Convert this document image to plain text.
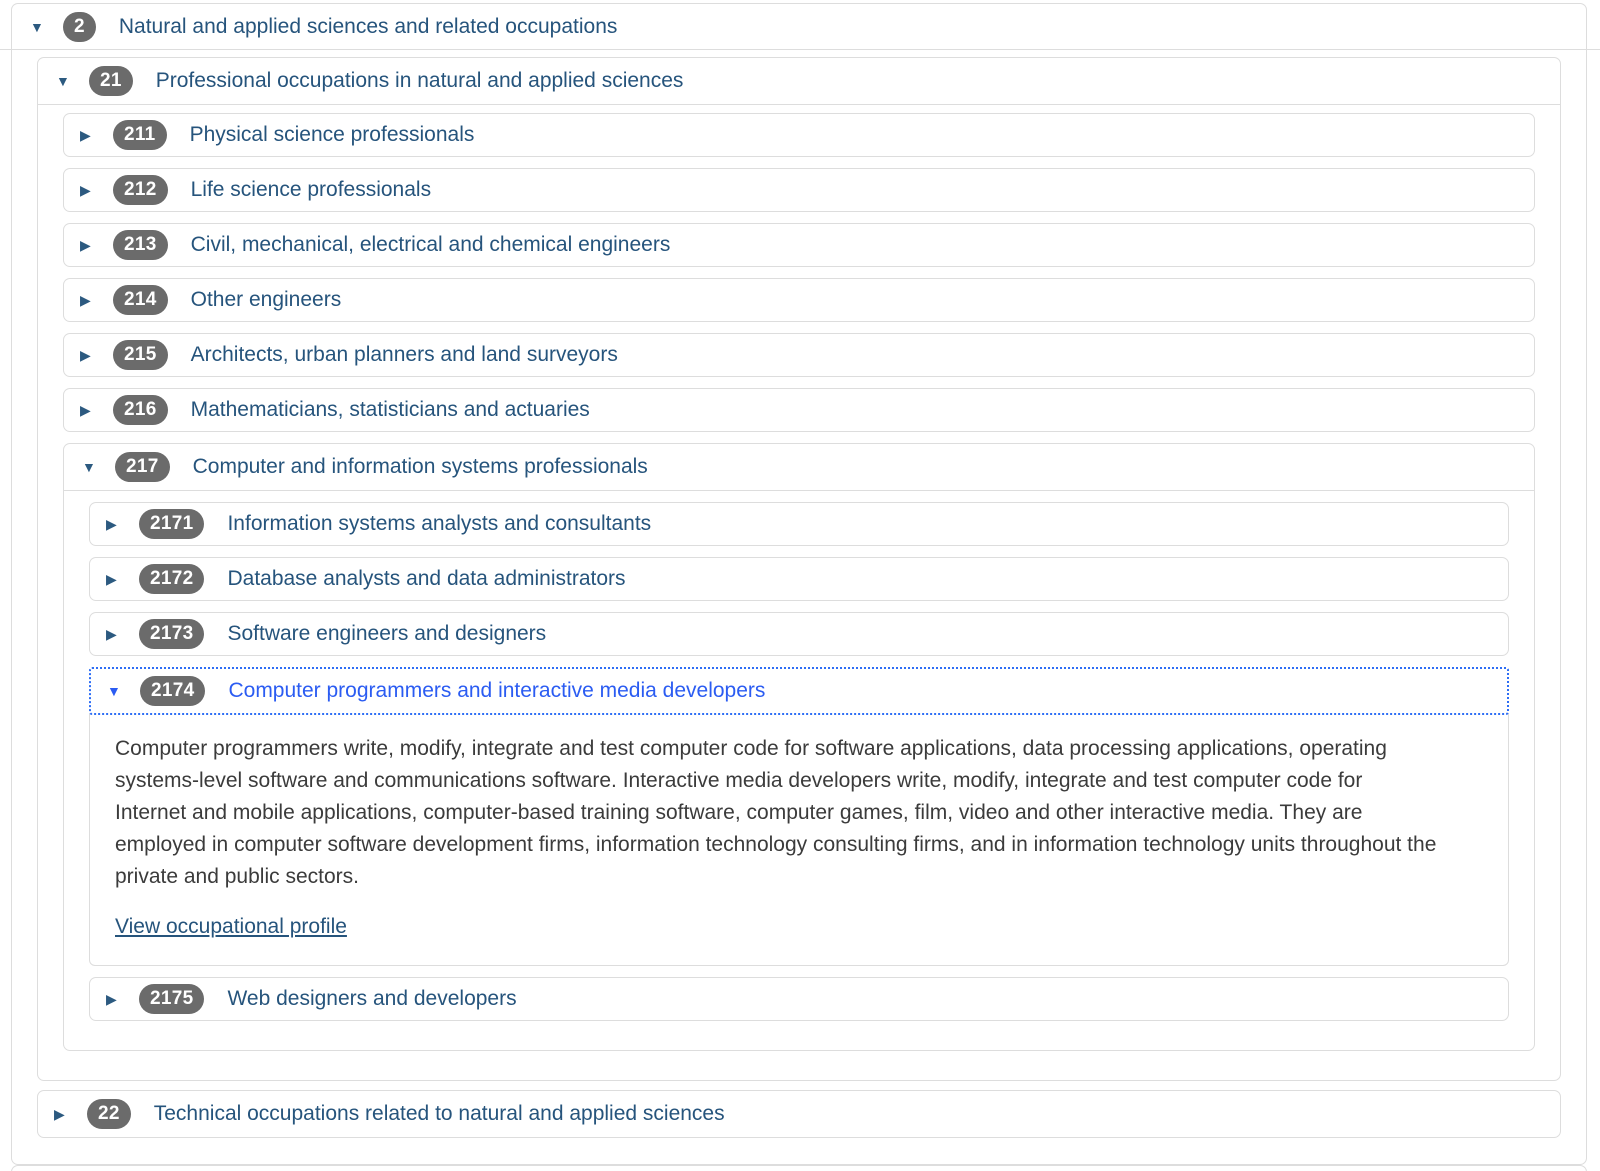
▼	2	Natural and applied sciences and related occupations
▼	21	Professional occupations in natural and applied sciences
▶	211	Physical science professionals
▶	212	Life science professionals
▶	213	Civil, mechanical, electrical and chemical engineers
▶	214	Other engineers
▶	215	Architects, urban planners and land surveyors
▶	216	Mathematicians, statisticians and actuaries
▼	217	Computer and information systems professionals
▶	2171	Information systems analysts and consultants
▶	2172	Database analysts and data administrators
▶	2173	Software engineers and designers
▼	2174	Computer programmers and interactive media developers

Computer programmers write, modify, integrate and test computer code for software applications, data processing applications, operating systems-level software and communications software. Interactive media developers write, modify, integrate and test computer code for Internet and mobile applications, computer-based training software, computer games, film, video and other interactive media. They are employed in computer software development firms, information technology consulting firms, and in information technology units throughout the private and public sectors.

View occupational profile
▶	2175	Web designers and developers
▶	22	Technical occupations related to natural and applied sciences
